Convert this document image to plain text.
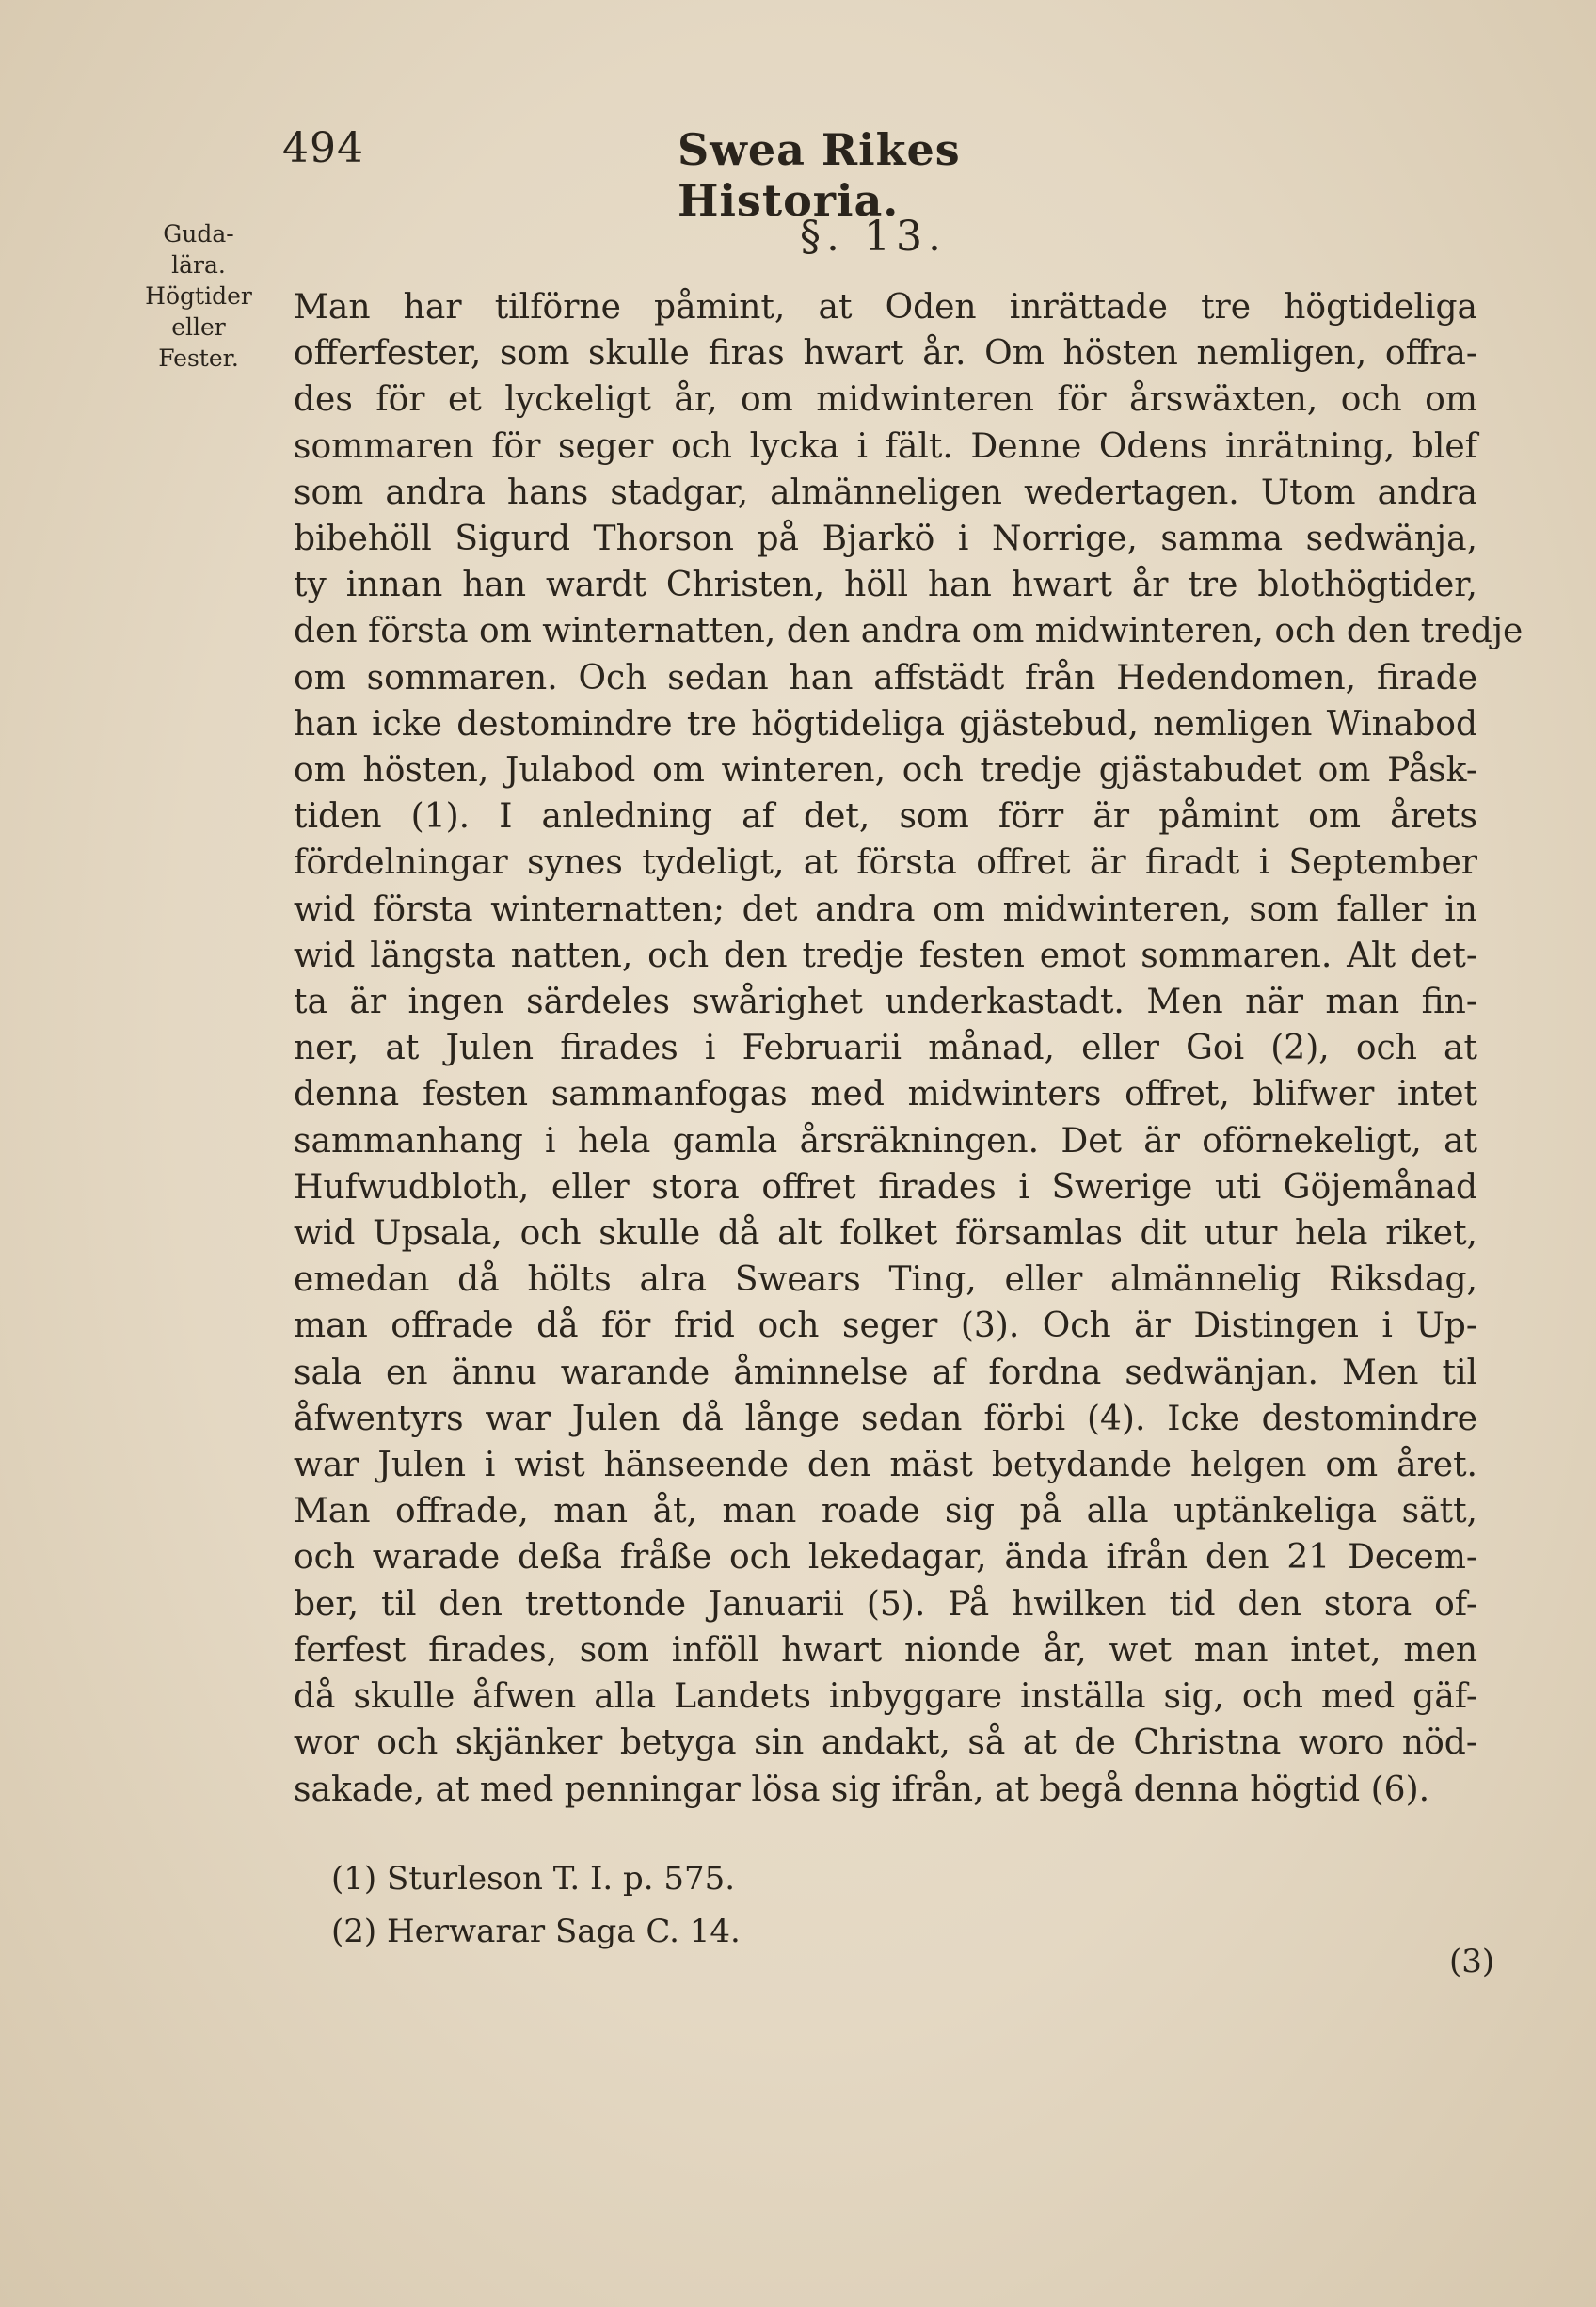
494	Swea Rikes Historia.
Guda-
lära.
Högtider
eller
Fester.
§. 13.
Man har tilförne påmint, at Oden inrättade tre högtideliga
offerfester, som skulle firas hwart år. Om hösten nemligen, offra-
des för et lyckeligt år, om midwinteren för årswäxten, och om
sommaren för seger och lycka i fält. Denne Odens inrätning, blef
som andra hans stadgar, almänneligen wedertagen. Utom andra
bibehöll Sigurd Thorson på Bjarkö i Norrige, samma sedwänja,
ty innan han wardt Christen, höll han hwart år tre blothögtider,
den första om winternatten, den andra om midwinteren, och den tredje
om sommaren. Och sedan han affstädt från Hedendomen, firade
han icke destomindre tre högtideliga gjästebud, nemligen Winabod
om hösten, Julabod om winteren, och tredje gjästabudet om Påsk-
tiden (1). I anledning af det, som förr är påmint om årets
fördelningar synes tydeligt, at första offret är firadt i September
wid första winternatten; det andra om midwinteren, som faller in
wid längsta natten, och den tredje festen emot sommaren. Alt det-
ta är ingen särdeles swårighet underkastadt. Men när man fin-
ner, at Julen firades i Februarii månad, eller Goi (2), och at
denna festen sammanfogas med midwinters offret, blifwer intet
sammanhang i hela gamla årsräkningen. Det är oförnekeligt, at
Hufwudbloth, eller stora offret firades i Swerige uti Göjemånad
wid Upsala, och skulle då alt folket församlas dit utur hela riket,
emedan då hölts alra Swears Ting, eller almännelig Riksdag,
man offrade då för frid och seger (3). Och är Distingen i Up-
sala en ännu warande åminnelse af fordna sedwänjan. Men til
åfwentyrs war Julen då långe sedan förbi (4). Icke destomindre
war Julen i wist hänseende den mäst betydande helgen om året.
Man offrade, man åt, man roade sig på alla uptänkeliga sätt,
och warade deßa fråße och lekedagar, ända ifrån den 21 Decem-
ber, til den trettonde Januarii (5). På hwilken tid den stora of-
ferfest firades, som inföll hwart nionde år, wet man intet, men
då skulle åfwen alla Landets inbyggare inställa sig, och med gäf-
wor och skjänker betyga sin andakt, så at de Christna woro nöd-
sakade, at med penningar lösa sig ifrån, at begå denna högtid (6).
(1) Sturleson T. I. p. 575.
(2) Herwarar Saga C. 14.
(3)
